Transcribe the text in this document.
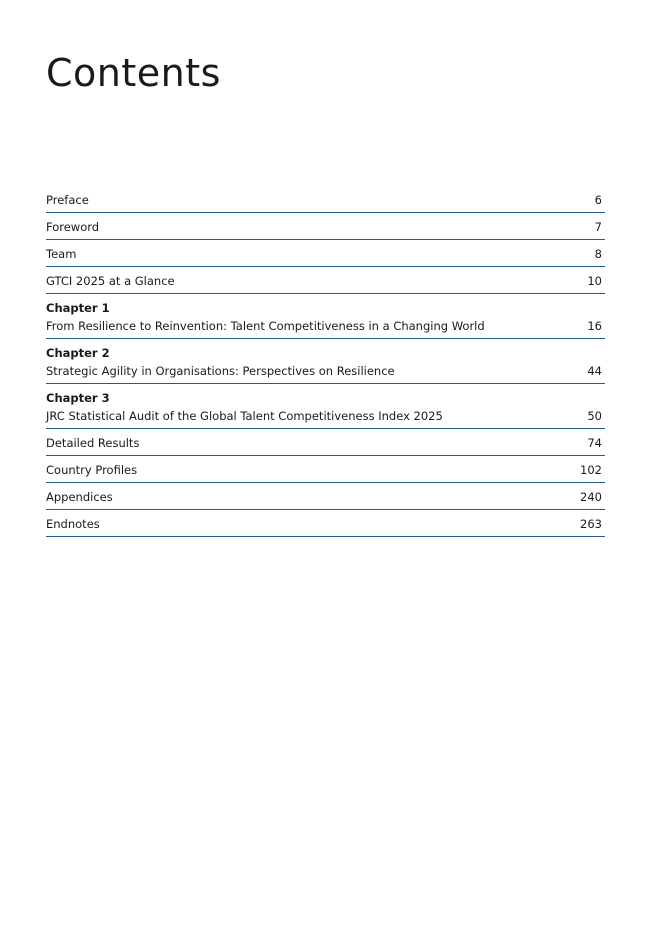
Contents
Preface	6
Foreword	7
Team	8
GTCI 2025 at a Glance	10
Chapter 1
From Resilience to Reinvention: Talent Competitiveness in a Changing World	16
Chapter 2
Strategic Agility in Organisations: Perspectives on Resilience	44
Chapter 3
JRC Statistical Audit of the Global Talent Competitiveness Index 2025	50
Detailed Results	74
Country Profiles	102
Appendices	240
Endnotes	263
